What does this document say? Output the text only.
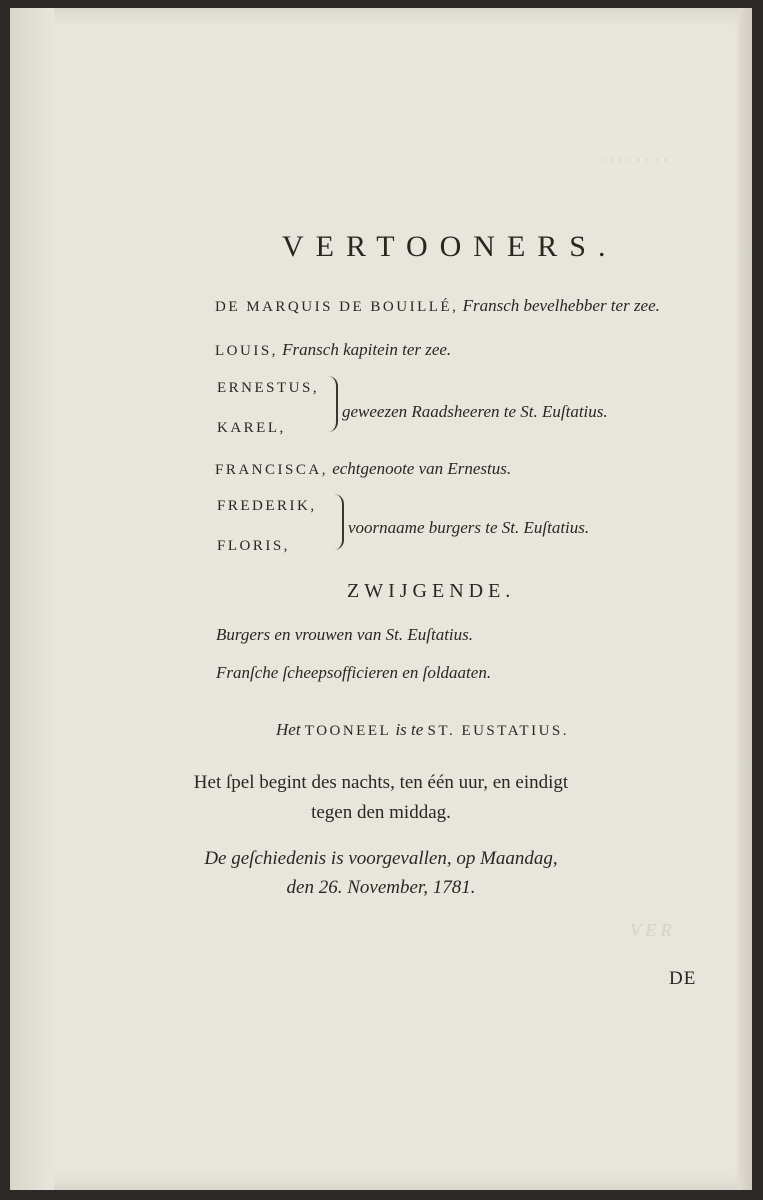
· · · · · · · ·
V E R
VERTOONERS.
DE MARQUIS DE BOUILLÉ, Fransch bevelhebber ter zee.
LOUIS, Fransch kapitein ter zee.
ERNESTUS,
KAREL,
geweezen Raadsheeren te St. Euſtatius.
FRANCISCA, echtgenoote van Ernestus.
FREDERIK,
FLORIS,
voornaame burgers te St. Euſtatius.
ZWIJGENDE.
Burgers en vrouwen van St. Euſtatius.
Franſche ſcheepsofficieren en ſoldaaten.
Het TOONEEL is te ST. EUSTATIUS.
Het ſpel begint des nachts, ten één uur, en eindigt
tegen den middag.
De geſchiedenis is voorgevallen, op Maandag,
den 26. November, 1781.
DE
